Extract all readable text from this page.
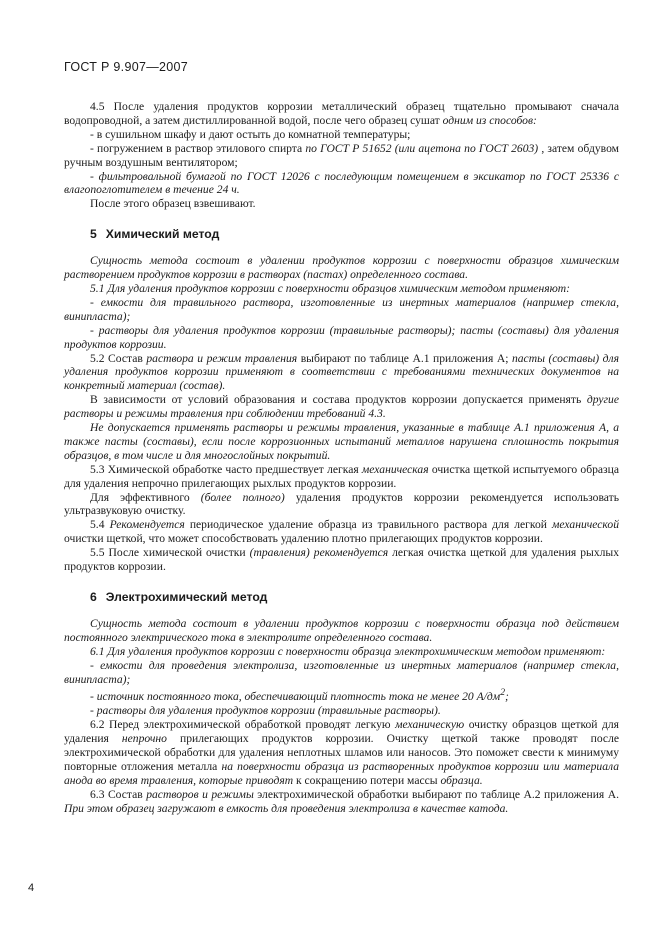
ГОСТ Р 9.907—2007

4.5 После удаления продуктов коррозии металлический образец тщательно промывают сначала водопроводной, а затем дистиллированной водой, после чего образец сушат одним из способов:

- в сушильном шкафу и дают остыть до комнатной температуры;

- погружением в раствор этилового спирта по ГОСТ Р 51652 (или ацетона по ГОСТ 2603) , затем обдувом ручным воздушным вентилятором;

- фильтровальной бумагой по ГОСТ 12026 с последующим помещением в эксикатор по ГОСТ 25336 с влагопоглотителем в течение 24 ч.

После этого образец взвешивают.

5 Химический метод

Сущность метода состоит в удалении продуктов коррозии с поверхности образцов химическим растворением продуктов коррозии в растворах (пастах) определенного состава.

5.1 Для удаления продуктов коррозии с поверхности образцов химическим методом применяют:

- емкости для травильного раствора, изготовленные из инертных материалов (например стекла, винипласта);

- растворы для удаления продуктов коррозии (травильные растворы); пасты (составы) для удаления продуктов коррозии.

5.2 Состав раствора и режим травления выбирают по таблице А.1 приложения А; пасты (составы) для удаления продуктов коррозии применяют в соответствии с требованиями технических документов на конкретный материал (состав).

В зависимости от условий образования и состава продуктов коррозии допускается применять другие растворы и режимы травления при соблюдении требований 4.3.

Не допускается применять растворы и режимы травления, указанные в таблице А.1 приложения А, а также пасты (составы), если после коррозионных испытаний металлов нарушена сплошность покрытия образцов, в том числе и для многослойных покрытий.

5.3 Химической обработке часто предшествует легкая механическая очистка щеткой испытуемого образца для удаления непрочно прилегающих рыхлых продуктов коррозии.

Для эффективного (более полного) удаления продуктов коррозии рекомендуется использовать ультразвуковую очистку.

5.4 Рекомендуется периодическое удаление образца из травильного раствора для легкой механической очистки щеткой, что может способствовать удалению плотно прилегающих продуктов коррозии.

5.5 После химической очистки (травления) рекомендуется легкая очистка щеткой для удаления рыхлых продуктов коррозии.

6 Электрохимический метод

Сущность метода состоит в удалении продуктов коррозии с поверхности образца под действием постоянного электрического тока в электролите определенного состава.

6.1 Для удаления продуктов коррозии с поверхности образца электрохимическим методом применяют:

- емкости для проведения электролиза, изготовленные из инертных материалов (например стекла, винипласта);

- источник постоянного тока, обеспечивающий плотность тока не менее 20 $А/дм^2$;

- растворы для удаления продуктов коррозии (травильные растворы).

6.2 Перед электрохимической обработкой проводят легкую механическую очистку образцов щеткой для удаления непрочно прилегающих продуктов коррозии. Очистку щеткой также проводят после электрохимической обработки для удаления неплотных шламов или наносов. Это поможет свести к минимуму повторные отложения металла на поверхности образца из растворенных продуктов коррозии или материала анода во время травления, которые приводят к сокращению потери массы образца.

6.3 Состав растворов и режимы электрохимической обработки выбирают по таблице А.2 приложения А. При этом образец загружают в емкость для проведения электролиза в качестве катода.

4
